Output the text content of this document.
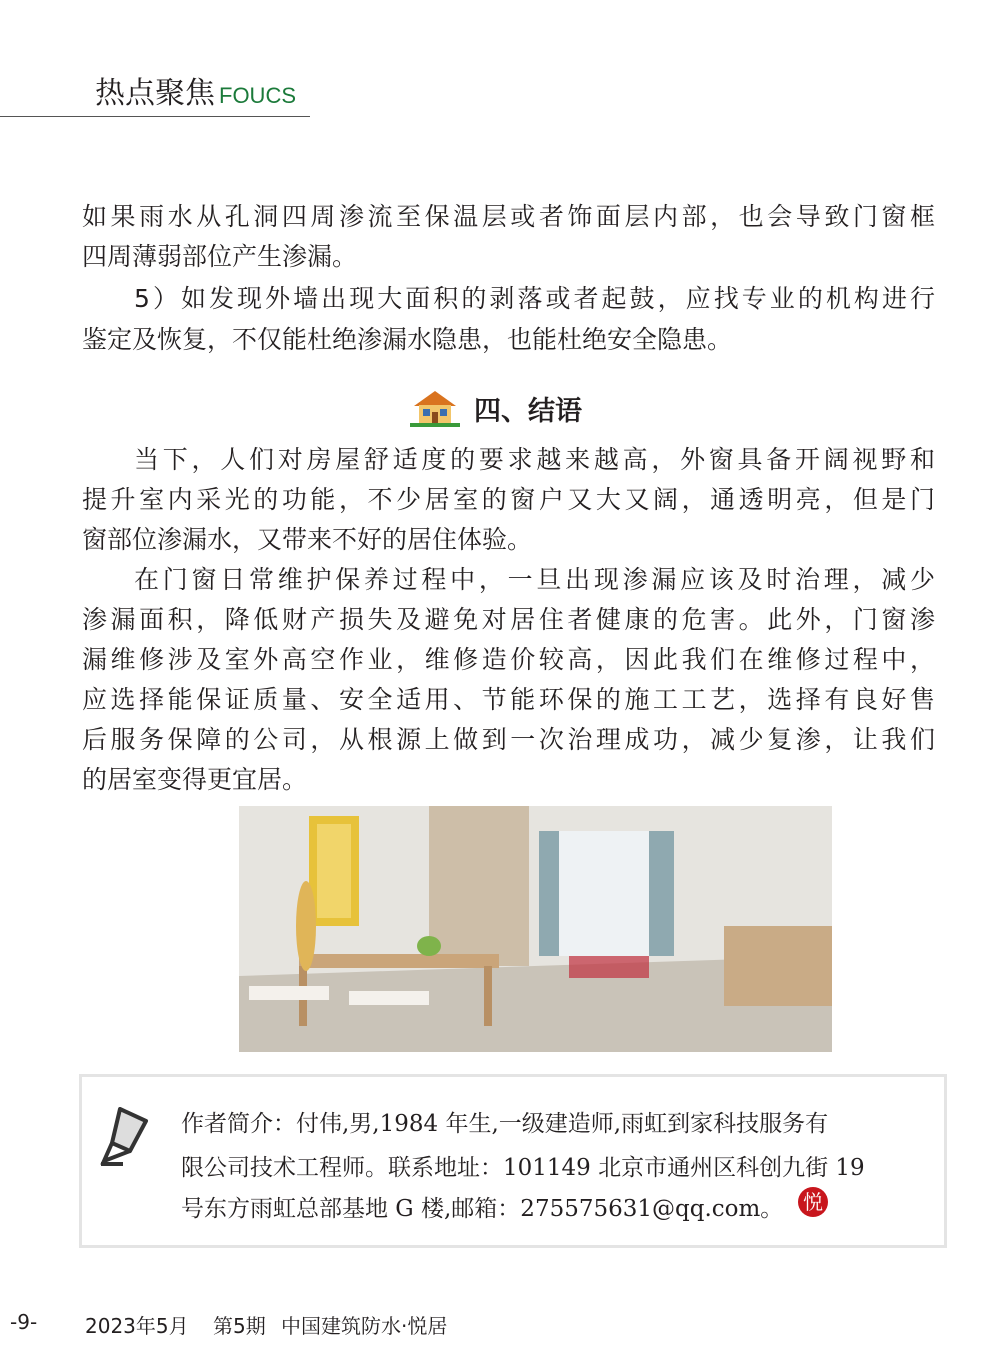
热点聚焦 FOUCS
如果雨水从孔洞四周渗流至保温层或者饰面层内部，也会导致门窗框
四周薄弱部位产生渗漏。
5）如发现外墙出现大面积的剥落或者起鼓，应找专业的机构进行
鉴定及恢复，不仅能杜绝渗漏水隐患，也能杜绝安全隐患。
四、结语
当下，人们对房屋舒适度的要求越来越高，外窗具备开阔视野和
提升室内采光的功能，不少居室的窗户又大又阔，通透明亮，但是门
窗部位渗漏水，又带来不好的居住体验。
在门窗日常维护保养过程中，一旦出现渗漏应该及时治理，减少
渗漏面积，降低财产损失及避免对居住者健康的危害。此外，门窗渗
漏维修涉及室外高空作业，维修造价较高，因此我们在维修过程中，
应选择能保证质量、安全适用、节能环保的施工工艺，选择有良好售
后服务保障的公司，从根源上做到一次治理成功，减少复渗，让我们
的居室变得更宜居。
作者简介：付伟,男,1984 年生,一级建造师,雨虹到家科技服务有
限公司技术工程师。联系地址：101149 北京市通州区科创九街 19
号东方雨虹总部基地 G 楼,邮箱：275575631@qq.com。 悦
-9- 2023年5月 第5期 中国建筑防水·悦居
